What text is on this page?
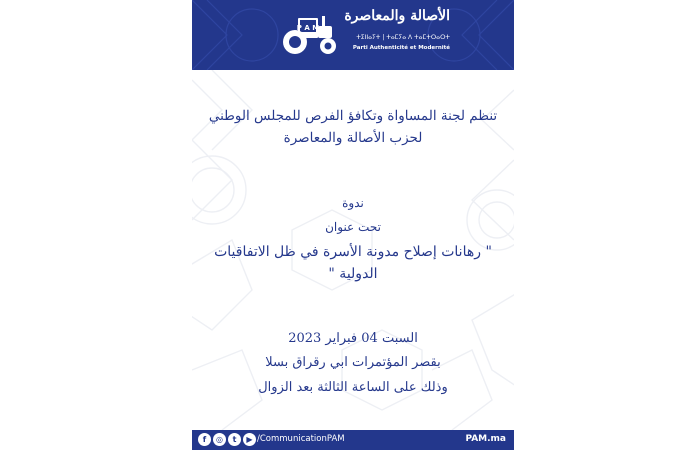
P A M
الأصالة والمعاصرة
ⵜⵉⵏⵏⴰⵢⵜ | ⵜⴰⵎⵢⴰ ⴷ ⵜⴰⵎⵜⵔⴰⵔⵜ
Parti Authenticité et Modernité
تنظم لجنة المساواة وتكافؤ الفرص للمجلس الوطني
لحزب الأصالة والمعاصرة
ندوة
تحت عنوان
" رهانات إصلاح مدونة الأسرة في ظل الاتفاقيات
الدولية "
السبت 04 فبراير 2023
بقصر المؤتمرات ابي رقراق بسلا
وذلك على الساعة الثالثة بعد الزوال
f	◎	t	▶ /CommunicationPAM	PAM.ma
